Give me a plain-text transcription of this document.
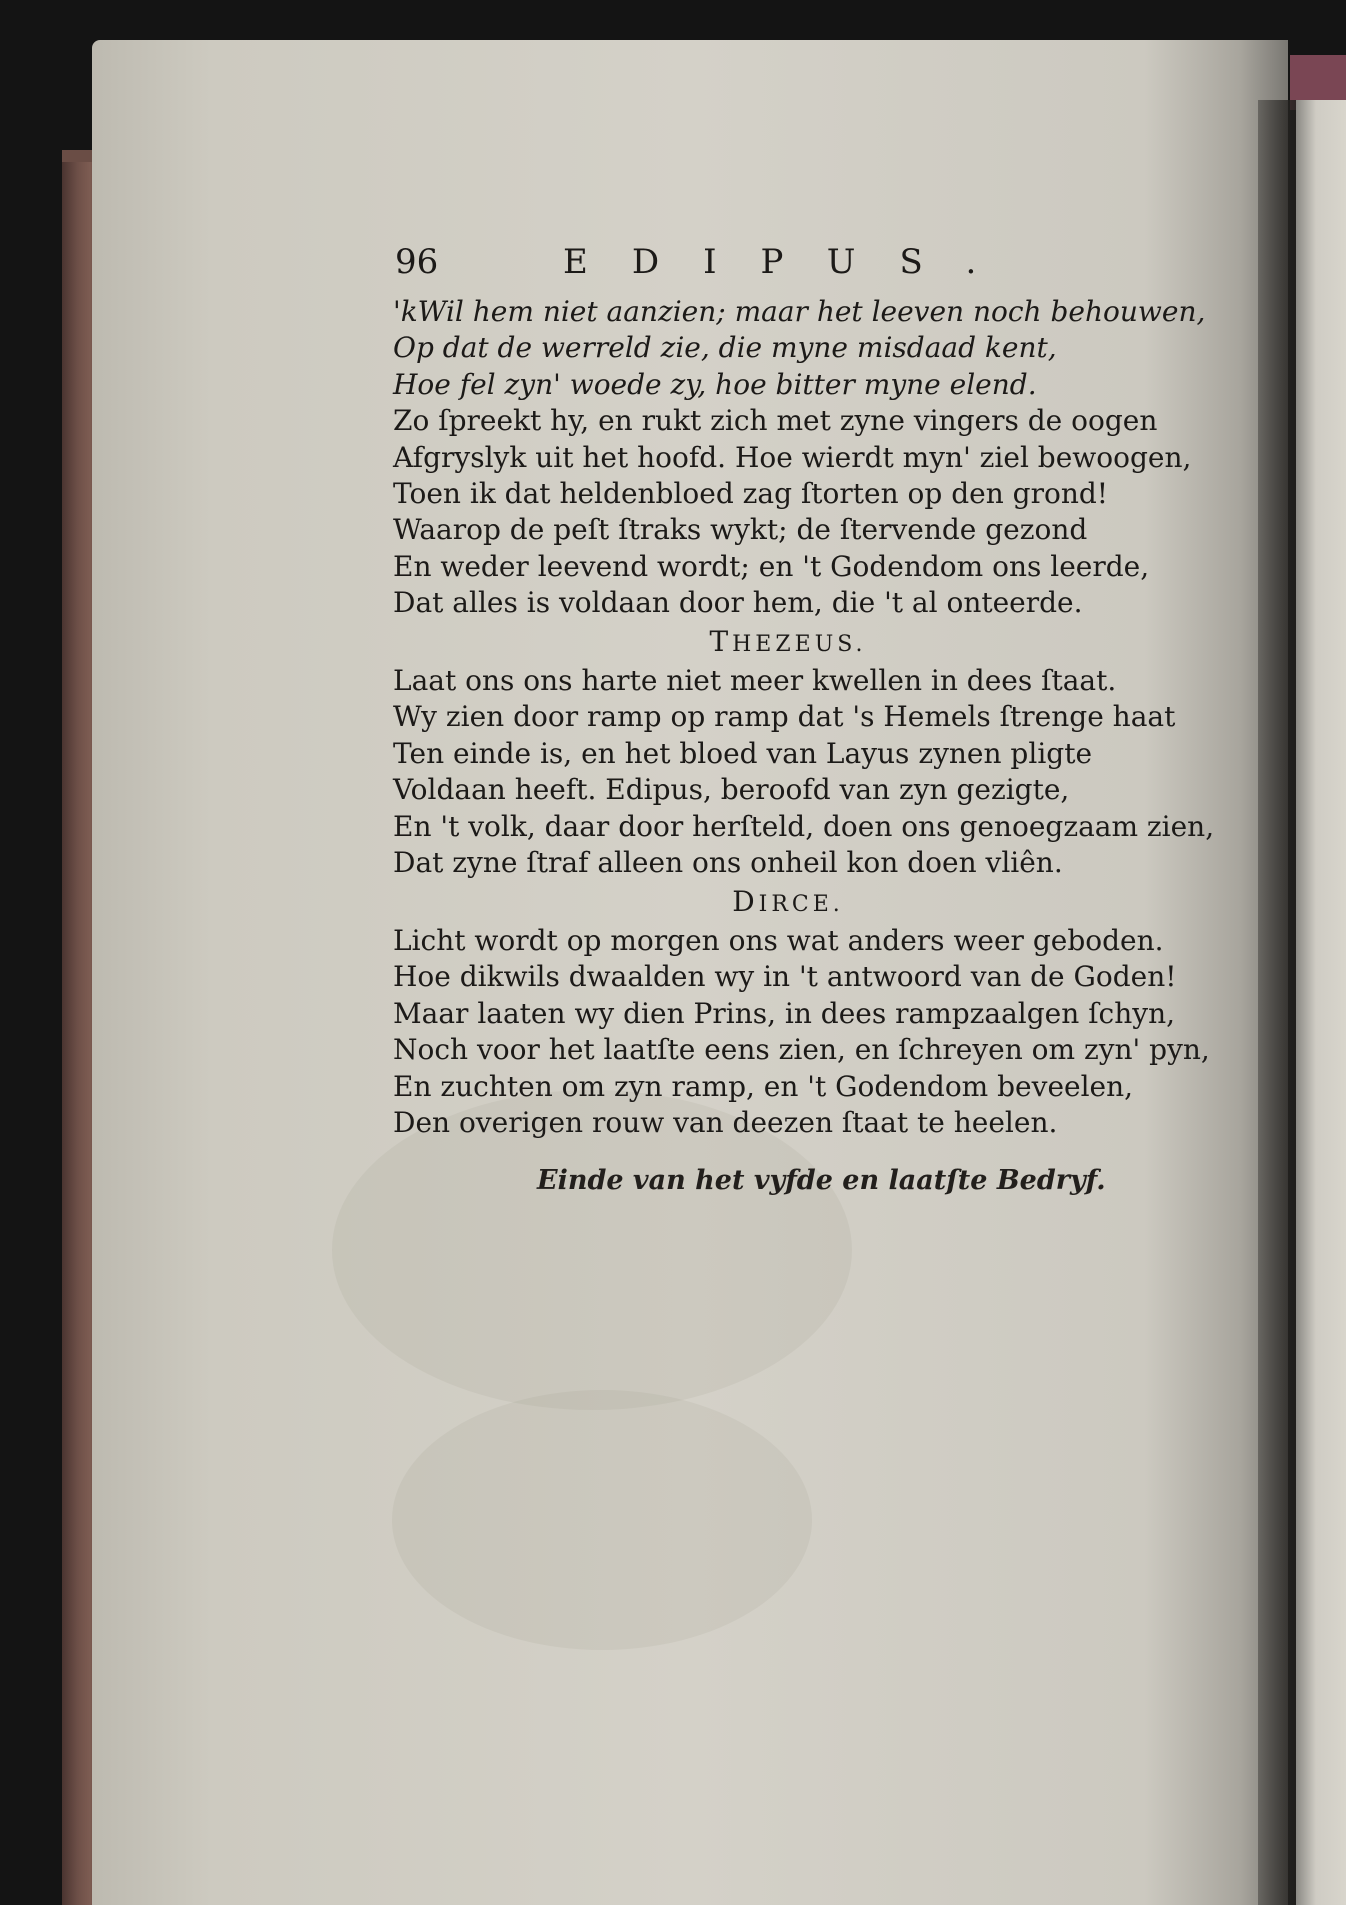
96	EDIPUS.
'kWil hem niet aanzien; maar het leeven noch behouwen,
Op dat de werreld zie, die myne misdaad kent,
Hoe fel zyn' woede zy, hoe bitter myne elend.
Zo ſpreekt hy, en rukt zich met zyne vingers de oogen
Afgryslyk uit het hoofd. Hoe wierdt myn' ziel bewoogen,
Toen ik dat heldenbloed zag ſtorten op den grond!
Waarop de peſt ſtraks wykt; de ſtervende gezond
En weder leevend wordt; en 't Godendom ons leerde,
Dat alles is voldaan door hem, die 't al onteerde.
THEZEUS.
Laat ons ons harte niet meer kwellen in dees ſtaat.
Wy zien door ramp op ramp dat 's Hemels ſtrenge haat
Ten einde is, en het bloed van Layus zynen pligte
Voldaan heeft. Edipus, beroofd van zyn gezigte,
En 't volk, daar door herſteld, doen ons genoegzaam zien,
Dat zyne ſtraf alleen ons onheil kon doen vliên.
DIRCE.
Licht wordt op morgen ons wat anders weer geboden.
Hoe dikwils dwaalden wy in 't antwoord van de Goden!
Maar laaten wy dien Prins, in dees rampzaalgen ſchyn,
Noch voor het laatſte eens zien, en ſchreyen om zyn' pyn,
En zuchten om zyn ramp, en 't Godendom beveelen,
Den overigen rouw van deezen ſtaat te heelen.
Einde van het vyfde en laatſte Bedryf.
